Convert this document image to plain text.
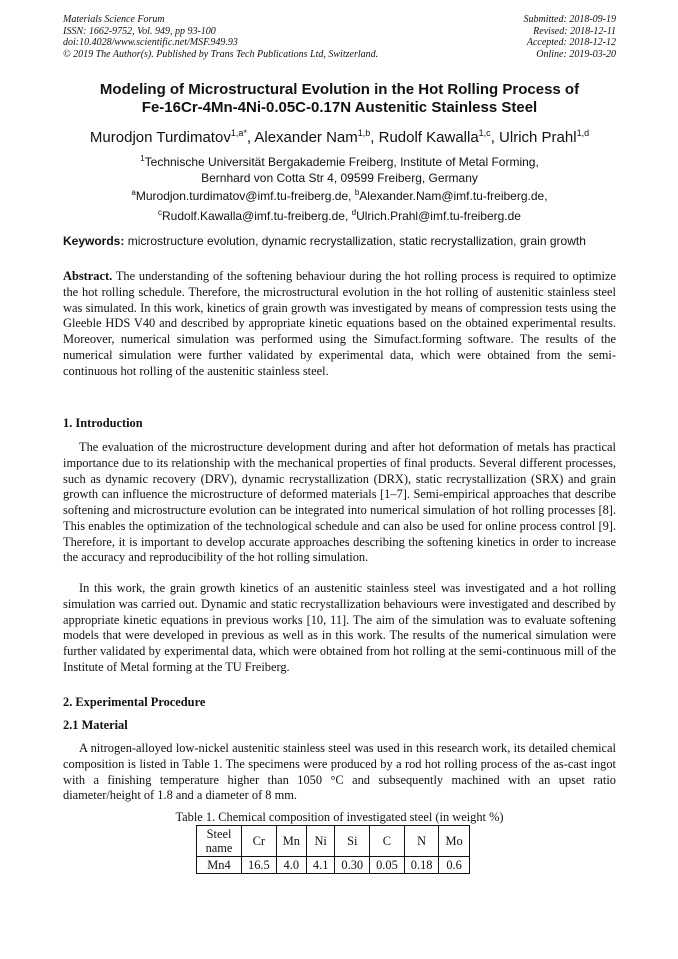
Materials Science Forum
ISSN: 1662-9752, Vol. 949, pp 93-100
doi:10.4028/www.scientific.net/MSF.949.93
© 2019 The Author(s). Published by Trans Tech Publications Ltd, Switzerland.
Submitted: 2018-09-19
Revised: 2018-12-11
Accepted: 2018-12-12
Online: 2019-03-20
Modeling of Microstructural Evolution in the Hot Rolling Process of
Fe-16Cr-4Mn-4Ni-0.05C-0.17N Austenitic Stainless Steel
Murodjon Turdimatov$^{1,a*}$, Alexander Nam$^{1,b}$, Rudolf Kawalla$^{1,c}$, Ulrich Prahl$^{1,d}$
$^1$Technische Universität Bergakademie Freiberg, Institute of Metal Forming,
Bernhard von Cotta Str 4, 09599 Freiberg, Germany
$^a$Murodjon.turdimatov@imf.tu-freiberg.de, $^b$Alexander.Nam@imf.tu-freiberg.de,
$^c$Rudolf.Kawalla@imf.tu-freiberg.de, $^d$Ulrich.Prahl@imf.tu-freiberg.de
Keywords: microstructure evolution, dynamic recrystallization, static recrystallization, grain growth
Abstract. The understanding of the softening behaviour during the hot rolling process is required to optimize the hot rolling schedule. Therefore, the microstructural evolution in the hot rolling of austenitic stainless steel was simulated. In this work, kinetics of grain growth was investigated by means of compression tests using the Gleeble HDS V40 and described by appropriate kinetic equations based on the obtained experimental results. Moreover, numerical simulation was performed using the Simufact.forming software. The results of the numerical simulation were further validated by experimental data, which were obtained from the semi-continuous hot rolling of the austenitic stainless steel.
1. Introduction

The evaluation of the microstructure development during and after hot deformation of metals has practical importance due to its relationship with the mechanical properties of final products. Several different processes, such as dynamic recovery (DRV), dynamic recrystallization (DRX), static recrystallization (SRX) and grain growth can influence the microstructure of deformed materials [1–7]. Semi-empirical approaches that describe softening and microstructure evolution can be integrated into numerical simulation of hot rolling processes [8]. This enables the optimization of the technological schedule and can also be used for online process control [9]. Therefore, it is important to develop accurate approaches describing the softening kinetics in order to increase the accuracy and reproducibility of the hot rolling simulation.

In this work, the grain growth kinetics of an austenitic stainless steel was investigated and a hot rolling simulation was carried out. Dynamic and static recrystallization behaviours were investigated and described by appropriate kinetic equations in previous works [10, 11]. The aim of the simulation was to evaluate softening models that were developed in previous as well as in this work. The results of the numerical simulation were further validated by experimental data, which were obtained from hot rolling at the semi-continuous mill of the Institute of Metal forming at the TU Freiberg.

2. Experimental Procedure
2.1 Material

A nitrogen-alloyed low-nickel austenitic stainless steel was used in this research work, its detailed chemical composition is listed in Table 1. The specimens were produced by a rod hot rolling process of the as-cast ingot with a finishing temperature higher than 1050 °C and subsequently machined with an upset ratio diameter/height of 1.8 and a diameter of 8 mm.

Table 1. Chemical composition of investigated steel (in weight %)
Steel name	Cr	Mn	Ni	Si	C	N	Mo
Mn4	16.5	4.0	4.1	0.30	0.05	0.18	0.6
